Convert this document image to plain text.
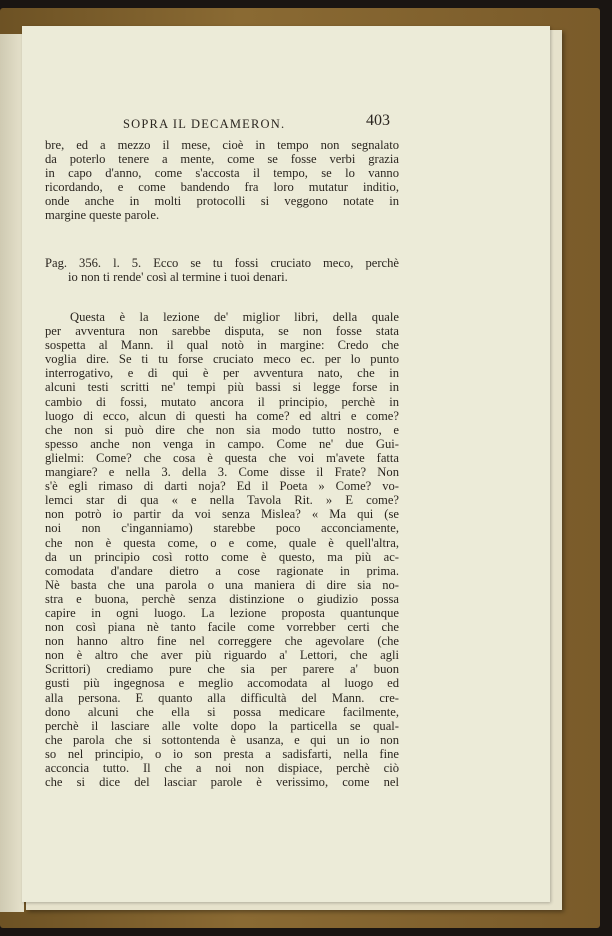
SOPRA IL DECAMERON.	403
bre, ed a mezzo il mese, cioè in tempo non segnalato
da poterlo tenere a mente, come se fosse verbi grazia
in capo d'anno, come s'accosta il tempo, se lo vanno
ricordando, e come bandendo fra loro mutatur inditio,
onde anche in molti protocolli si veggono notate in
margine queste parole.
Pag. 356. l. 5. Ecco se tu fossi cruciato meco, perchè
io non ti rende' così al termine i tuoi denari.
Questa è la lezione de' miglior libri, della quale
per avventura non sarebbe disputa, se non fosse stata
sospetta al Mann. il qual notò in margine: Credo che
voglia dire. Se ti tu forse cruciato meco ec. per lo punto
interrogativo, e di qui è per avventura nato, che in
alcuni testi scritti ne' tempi più bassi si legge forse in
cambio di fossi, mutato ancora il principio, perchè in
luogo di ecco, alcun di questi ha come? ed altri e come?
che non si può dire che non sia modo tutto nostro, e
spesso anche non venga in campo. Come ne' due Gui-
glielmi: Come? che cosa è questa che voi m'avete fatta
mangiare? e nella 3. della 3. Come disse il Frate? Non
s'è egli rimaso di darti noja? Ed il Poeta » Come? vo-
lemci star di qua « e nella Tavola Rit. » E come?
non potrò io partir da voi senza Mislea? « Ma qui (se
noi non c'inganniamo) starebbe poco acconciamente,
che non è questa come, o e come, quale è quell'altra,
da un principio così rotto come è questo, ma più ac-
comodata d'andare dietro a cose ragionate in prima.
Nè basta che una parola o una maniera di dire sia no-
stra e buona, perchè senza distinzione o giudizio possa
capire in ogni luogo. La lezione proposta quantunque
non così piana nè tanto facile come vorrebber certi che
non hanno altro fine nel correggere che agevolare (che
non è altro che aver più riguardo a' Lettori, che agli
Scrittori) crediamo pure che sia per parere a' buon
gusti più ingegnosa e meglio accomodata al luogo ed
alla persona. E quanto alla difficultà del Mann. cre-
dono alcuni che ella si possa medicare facilmente,
perchè il lasciare alle volte dopo la particella se qual-
che parola che si sottontenda è usanza, e qui un io non
so nel principio, o io son presta a sadisfarti, nella fine
acconcia tutto. Il che a noi non dispiace, perchè ciò
che si dice del lasciar parole è verissimo, come nel
